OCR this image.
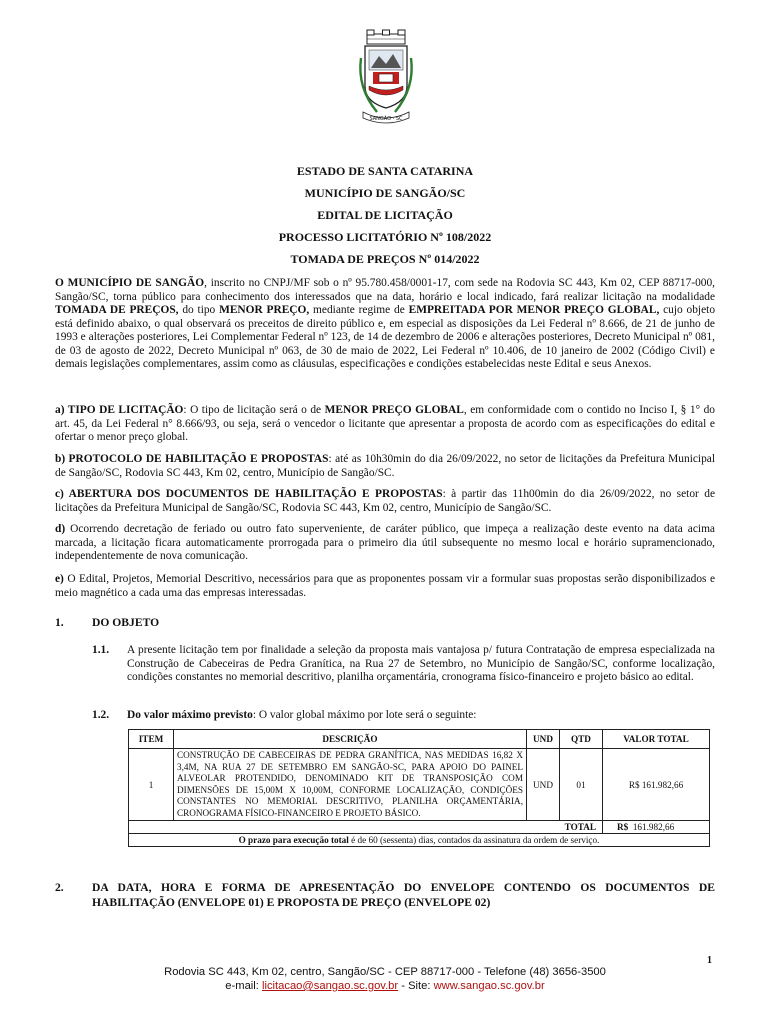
SANGÃO · SC
ESTADO DE SANTA CATARINA
MUNICÍPIO DE SANGÃO/SC
EDITAL DE LICITAÇÃO
PROCESSO LICITATÓRIO Nº 108/2022
TOMADA DE PREÇOS Nº 014/2022

O MUNICÍPIO DE SANGÃO, inscrito no CNPJ/MF sob o nº 95.780.458/0001-17, com sede na Rodovia SC 443, Km 02, CEP 88717-000, Sangão/SC, torna público para conhecimento dos interessados que na data, horário e local indicado, fará realizar licitação na modalidade TOMADA DE PREÇOS, do tipo MENOR PREÇO, mediante regime de EMPREITADA POR MENOR PREÇO GLOBAL, cujo objeto está definido abaixo, o qual observará os preceitos de direito público e, em especial as disposições da Lei Federal nº 8.666, de 21 de junho de 1993 e alterações posteriores, Lei Complementar Federal nº 123, de 14 de dezembro de 2006 e alterações posteriores, Decreto Municipal nº 081, de 03 de agosto de 2022, Decreto Municipal nº 063, de 30 de maio de 2022, Lei Federal nº 10.406, de 10 janeiro de 2002 (Código Civil) e demais legislações complementares, assim como as cláusulas, especificações e condições estabelecidas neste Edital e seus Anexos.

a) TIPO DE LICITAÇÃO: O tipo de licitação será o de MENOR PREÇO GLOBAL, em conformidade com o contido no Inciso I, § 1° do art. 45, da Lei Federal n° 8.666/93, ou seja, será o vencedor o licitante que apresentar a proposta de acordo com as especificações do edital e ofertar o menor preço global.

b) PROTOCOLO DE HABILITAÇÃO E PROPOSTAS: até as 10h30min do dia 26/09/2022, no setor de licitações da Prefeitura Municipal de Sangão/SC, Rodovia SC 443, Km 02, centro, Município de Sangão/SC.

c) ABERTURA DOS DOCUMENTOS DE HABILITAÇÃO E PROPOSTAS: à partir das 11h00min do dia 26/09/2022, no setor de licitações da Prefeitura Municipal de Sangão/SC, Rodovia SC 443, Km 02, centro, Município de Sangão/SC.

d) Ocorrendo decretação de feriado ou outro fato superveniente, de caráter público, que impeça a realização deste evento na data acima marcada, a licitação ficara automaticamente prorrogada para o primeiro dia útil subsequente no mesmo local e horário supramencionado, independentemente de nova comunicação.

e) O Edital, Projetos, Memorial Descritivo, necessários para que as proponentes possam vir a formular suas propostas serão disponibilizados e meio magnético a cada uma das empresas interessadas.

1. DO OBJETO
1.1. A presente licitação tem por finalidade a seleção da proposta mais vantajosa p/ futura Contratação de empresa especializada na Construção de Cabeceiras de Pedra Granítica, na Rua 27 de Setembro, no Município de Sangão/SC, conforme localização, condições constantes no memorial descritivo, planilha orçamentária, cronograma físico-financeiro e projeto básico ao edital.

1.2. Do valor máximo previsto: O valor global máximo por lote será o seguinte:

ITEM	DESCRIÇÃO	UND	QTD	VALOR TOTAL
1	CONSTRUÇÃO DE CABECEIRAS DE PEDRA GRANÍTICA, NAS MEDIDAS 16,82 X 3,4M, NA RUA 27 DE SETEMBRO EM SANGÃO-SC, PARA APOIO DO PAINEL ALVEOLAR PROTENDIDO, DENOMINADO KIT DE TRANSPOSIÇÃO COM DIMENSÕES DE 15,00M X 10,00M, CONFORME LOCALIZAÇÃO, CONDIÇÕES CONSTANTES NO MEMORIAL DESCRITIVO, PLANILHA ORÇAMENTÁRIA, CRONOGRAMA FÍSICO-FINANCEIRO E PROJETO BÁSICO.	UND	01	R$ 161.982,66
TOTAL				R$ 161.982,66
O prazo para execução total é de 60 (sessenta) dias, contados da assinatura da ordem de serviço.				
2. DA DATA, HORA E FORMA DE APRESENTAÇÃO DO ENVELOPE CONTENDO OS DOCUMENTOS DE HABILITAÇÃO (ENVELOPE 01) E PROPOSTA DE PREÇO (ENVELOPE 02)
1
Rodovia SC 443, Km 02, centro, Sangão/SC - CEP 88717-000 - Telefone (48) 3656-3500
e-mail: licitacao@sangao.sc.gov.br - Site: www.sangao.sc.gov.br
